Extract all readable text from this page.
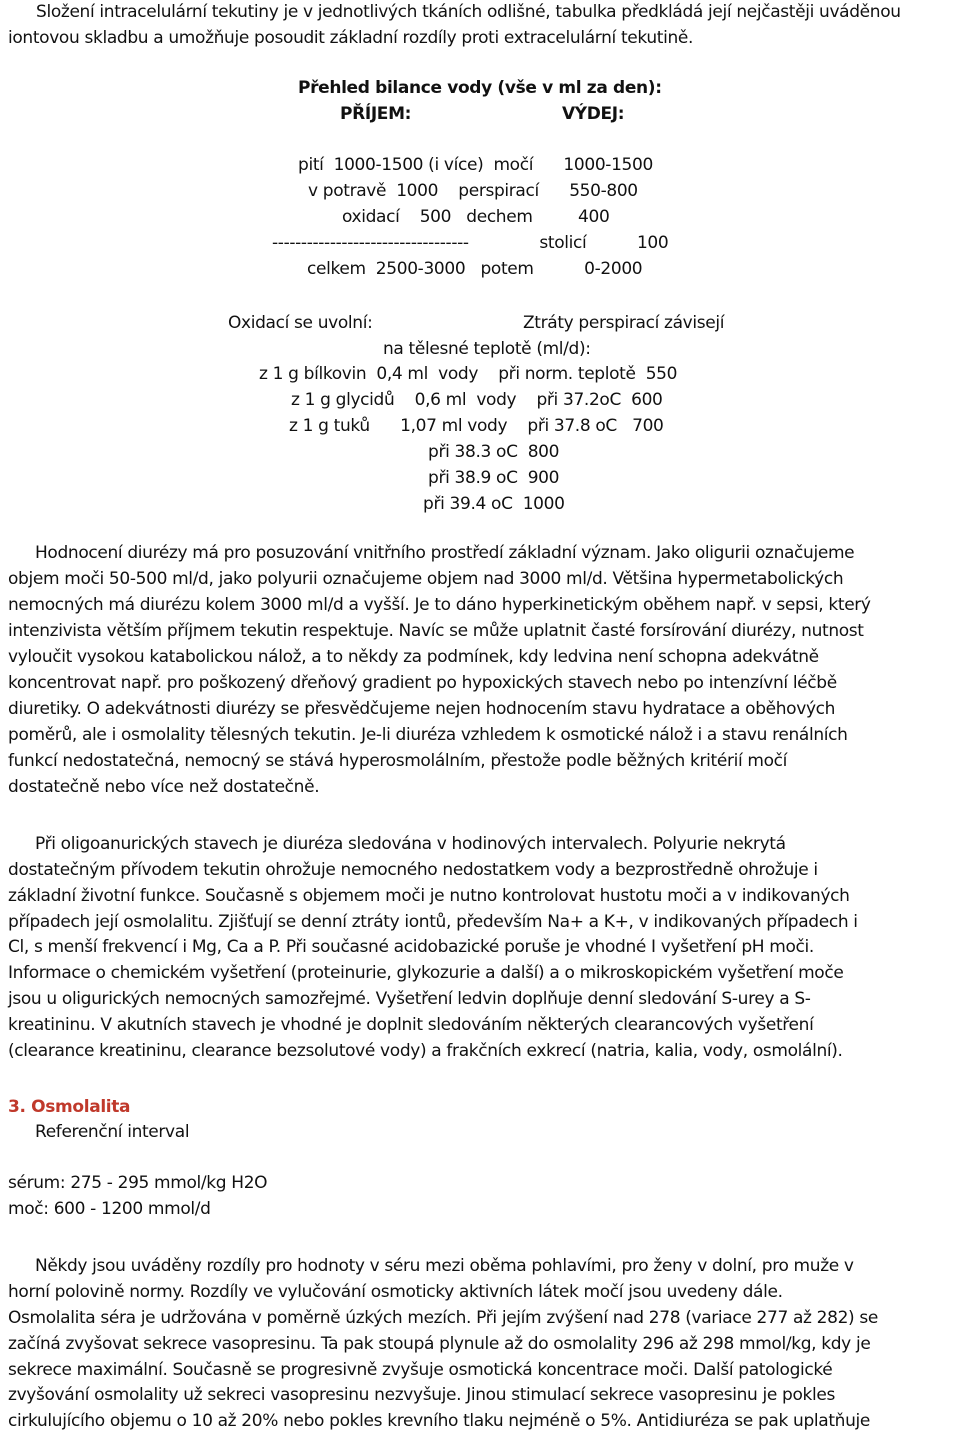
Složení intracelulární tekutiny je v jednotlivých tkáních odlišné, tabulka předkládá její nejčastěji uváděnou iontovou skladbu a umožňuje posoudit základní rozdíly proti extracelulární tekutině.

Přehled bilance vody (vše v ml za den):
PŘÍJEM:	VÝDEJ:
pití  1000-1500 (i více)  močí      1000-1500
v potravě  1000    perspirací      550-800
oxidací    500   dechem         400
----------------------------------              stolicí          100
celkem  2500-3000   potem          0-2000
Oxidací se uvolní:	Ztráty perspirací závisejí
na tělesné teplotě (ml/d):
z 1 g bílkovin  0,4 ml  vody    při norm. teplotě  550
z 1 g glycidů    0,6 ml  vody    při 37.2oC  600
z 1 g tuků      1,07 ml vody    při 37.8 oC   700
při 38.3 oC  800
při 38.9 oC  900
při 39.4 oC  1000
Hodnocení diurézy má pro posuzování vnitřního prostředí základní význam. Jako oligurii označujeme
objem moči 50-500 ml/d, jako polyurii označujeme objem nad 3000 ml/d. Většina hypermetabolických
nemocných má diurézu kolem 3000 ml/d a vyšší. Je to dáno hyperkinetickým oběhem např. v sepsi, který
intenzivista větším příjmem tekutin respektuje. Navíc se může uplatnit časté forsírování diurézy, nutnost
vyloučit vysokou katabolickou nálož, a to někdy za podmínek, kdy ledvina není schopna adekvátně
koncentrovat např. pro poškozený dřeňový gradient po hypoxických stavech nebo po intenzívní léčbě
diuretiky. O adekvátnosti diurézy se přesvědčujeme nejen hodnocením stavu hydratace a oběhových
poměrů, ale i osmolality tělesných tekutin. Je-li diuréza vzhledem k osmotické nálož i a stavu renálních
funkcí nedostatečná, nemocný se stává hyperosmolálním, přestože podle běžných kritérií močí
dostatečně nebo více než dostatečně.
Při oligoanurických stavech je diuréza sledována v hodinových intervalech. Polyurie nekrytá
dostatečným přívodem tekutin ohrožuje nemocného nedostatkem vody a bezprostředně ohrožuje i
základní životní funkce. Současně s objemem moči je nutno kontrolovat hustotu moči a v indikovaných
případech její osmolalitu. Zjišťují se denní ztráty iontů, především Na+ a K+, v indikovaných případech i
Cl, s menší frekvencí i Mg, Ca a P. Při současné acidobazické poruše je vhodné I vyšetření pH moči.
Informace o chemickém vyšetření (proteinurie, glykozurie a další) a o mikroskopickém vyšetření moče
jsou u oligurických nemocných samozřejmé. Vyšetření ledvin doplňuje denní sledování S-urey a S-
kreatininu. V akutních stavech je vhodné je doplnit sledováním některých clearancových vyšetření
(clearance kreatininu, clearance bezsolutové vody) a frakčních exkrecí (natria, kalia, vody, osmolální).
3. Osmolalita
Referenční interval
sérum: 275 - 295 mmol/kg H2O
moč: 600 - 1200 mmol/d
Někdy jsou uváděny rozdíly pro hodnoty v séru mezi oběma pohlavími, pro ženy v dolní, pro muže v
horní polovině normy. Rozdíly ve vylučování osmoticky aktivních látek močí jsou uvedeny dále.
Osmolalita séra je udržována v poměrně úzkých mezích. Při jejím zvýšení nad 278 (variace 277 až 282) se
začíná zvyšovat sekrece vasopresinu. Ta pak stoupá plynule až do osmolality 296 až 298 mmol/kg, kdy je
sekrece maximální. Současně se progresivně zvyšuje osmotická koncentrace moči. Další patologické
zvyšování osmolality už sekreci vasopresinu nezvyšuje. Jinou stimulací sekrece vasopresinu je pokles
cirkulujícího objemu o 10 až 20% nebo pokles krevního tlaku nejméně o 5%. Antidiuréza se pak uplatňuje
